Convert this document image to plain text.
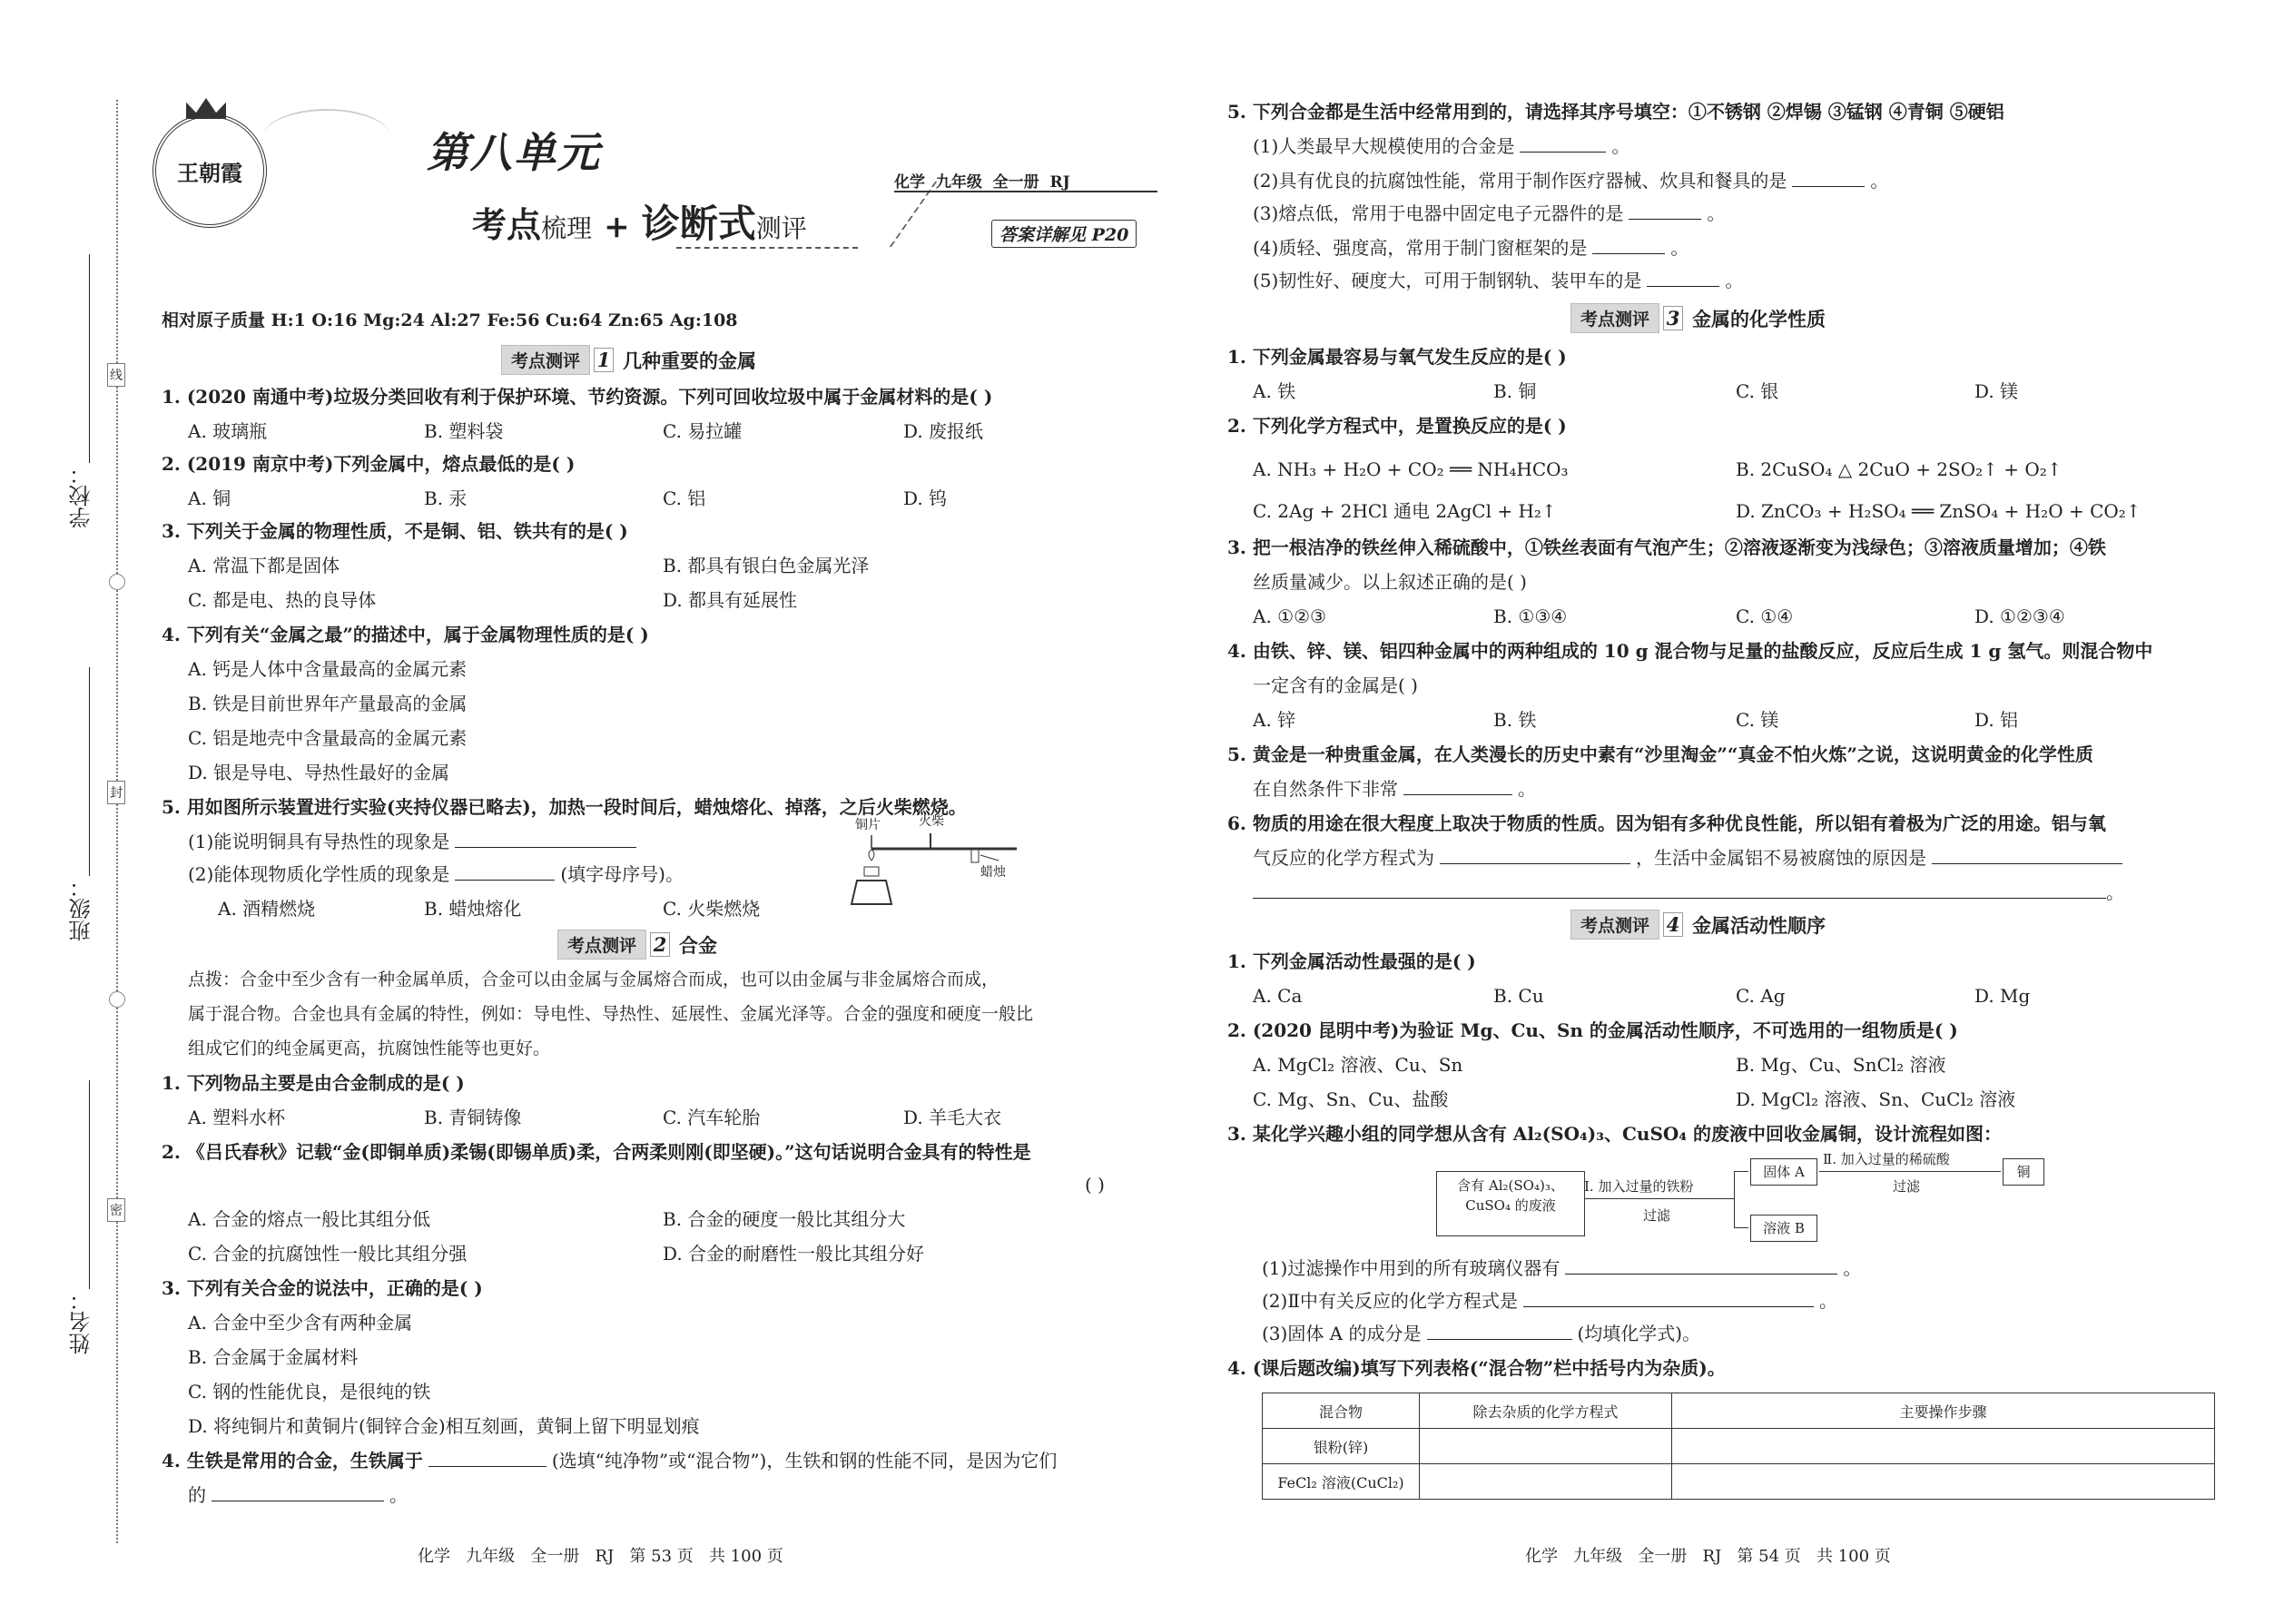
线
封
密
学校：
班级：
姓名：
王朝霞	第八单元
考点梳理 + 诊断式测评
化学  九年级  全一册  RJ
答案详解见 P20
相对原子质量 H:1 O:16 Mg:24 Al:27 Fe:56 Cu:64 Zn:65 Ag:108
考点测评 1 几种重要的金属
1. (2020 南通中考)垃圾分类回收有利于保护环境、节约资源。下列可回收垃圾中属于金属材料的是( )
A. 玻璃瓶	B. 塑料袋	C. 易拉罐	D. 废报纸
2. (2019 南京中考)下列金属中，熔点最低的是( )
A. 铜	B. 汞	C. 铝	D. 钨
3. 下列关于金属的物理性质，不是铜、铝、铁共有的是( )
A. 常温下都是固体	B. 都具有银白色金属光泽
C. 都是电、热的良导体	D. 都具有延展性
4. 下列有关“金属之最”的描述中，属于金属物理性质的是( )
A. 钙是人体中含量最高的金属元素
B. 铁是目前世界年产量最高的金属
C. 铝是地壳中含量最高的金属元素
D. 银是导电、导热性最好的金属
5. 用如图所示装置进行实验(夹持仪器已略去)，加热一段时间后，蜡烛熔化、掉落，之后火柴燃烧。
(1)能说明铜具有导热性的现象是
(2)能体现物质化学性质的现象是	(填字母序号)。
A. 酒精燃烧	B. 蜡烛熔化	C. 火柴燃烧
铜片	火柴
蜡烛
考点测评 2 合金
点拨：合金中至少含有一种金属单质，合金可以由金属与金属熔合而成，也可以由金属与非金属熔合而成，
属于混合物。合金也具有金属的特性，例如：导电性、导热性、延展性、金属光泽等。合金的强度和硬度一般比
组成它们的纯金属更高，抗腐蚀性能等也更好。
1. 下列物品主要是由合金制成的是( )
A. 塑料水杯	B. 青铜铸像	C. 汽车轮胎	D. 羊毛大衣
2. 《吕氏春秋》记载“金(即铜单质)柔锡(即锡单质)柔，合两柔则刚(即坚硬)。”这句话说明合金具有的特性是
( )
A. 合金的熔点一般比其组分低	B. 合金的硬度一般比其组分大
C. 合金的抗腐蚀性一般比其组分强	D. 合金的耐磨性一般比其组分好
3. 下列有关合金的说法中，正确的是( )
A. 合金中至少含有两种金属
B. 合金属于金属材料
C. 钢的性能优良，是很纯的铁
D. 将纯铜片和黄铜片(铜锌合金)相互刻画，黄铜上留下明显划痕
4. 生铁是常用的合金，生铁属于	(选填“纯净物”或“混合物”)，生铁和钢的性能不同，是因为它们
的	。
化学   九年级   全一册   RJ   第 53 页   共 100 页
5. 下列合金都是生活中经常用到的，请选择其序号填空：①不锈钢 ②焊锡 ③锰钢 ④青铜 ⑤硬铝
(1)人类最早大规模使用的合金是	。
(2)具有优良的抗腐蚀性能，常用于制作医疗器械、炊具和餐具的是	。
(3)熔点低，常用于电器中固定电子元器件的是	。
(4)质轻、强度高，常用于制门窗框架的是	。
(5)韧性好、硬度大，可用于制钢轨、装甲车的是	。
考点测评 3 金属的化学性质
1. 下列金属最容易与氧气发生反应的是( )
A. 铁	B. 铜	C. 银	D. 镁
2. 下列化学方程式中，是置换反应的是( )
A. NH₃ + H₂O + CO₂ ══ NH₄HCO₃	B. 2CuSO₄ △ 2CuO + 2SO₂↑ + O₂↑
C. 2Ag + 2HCl 通电 2AgCl + H₂↑	D. ZnCO₃ + H₂SO₄ ══ ZnSO₄ + H₂O + CO₂↑
3. 把一根洁净的铁丝伸入稀硫酸中，①铁丝表面有气泡产生；②溶液逐渐变为浅绿色；③溶液质量增加；④铁
丝质量减少。以上叙述正确的是( )
A. ①②③	B. ①③④	C. ①④	D. ①②③④
4. 由铁、锌、镁、铝四种金属中的两种组成的 10 g 混合物与足量的盐酸反应，反应后生成 1 g 氢气。则混合物中
一定含有的金属是( )
A. 锌	B. 铁	C. 镁	D. 铝
5. 黄金是一种贵重金属，在人类漫长的历史中素有“沙里淘金”“真金不怕火炼”之说，这说明黄金的化学性质
在自然条件下非常	。
6. 物质的用途在很大程度上取决于物质的性质。因为铝有多种优良性能，所以铝有着极为广泛的用途。铝与氧
气反应的化学方程式为	，生活中金属铝不易被腐蚀的原因是
。
考点测评 4 金属活动性顺序
1. 下列金属活动性最强的是( )
A. Ca	B. Cu	C. Ag	D. Mg
2. (2020 昆明中考)为验证 Mg、Cu、Sn 的金属活动性顺序，不可选用的一组物质是( )
A. MgCl₂ 溶液、Cu、Sn	B. Mg、Cu、SnCl₂ 溶液
C. Mg、Sn、Cu、盐酸	D. MgCl₂ 溶液、Sn、CuCl₂ 溶液
3. 某化学兴趣小组的同学想从含有 Al₂(SO₄)₃、CuSO₄ 的废液中回收金属铜，设计流程如图：
含有 Al₂(SO₄)₃、CuSO₄ 的废液
Ⅰ. 加入过量的铁粉
过滤
固体 A
溶液 B
Ⅱ. 加入过量的稀硫酸
过滤
铜
(1)过滤操作中用到的所有玻璃仪器有	。
(2)Ⅱ中有关反应的化学方程式是	。
(3)固体 A 的成分是	(均填化学式)。
4. (课后题改编)填写下列表格(“混合物”栏中括号内为杂质)。
混合物	除去杂质的化学方程式	主要操作步骤
银粉(锌)		
FeCl₂ 溶液(CuCl₂)		
化学   九年级   全一册   RJ   第 54 页   共 100 页
